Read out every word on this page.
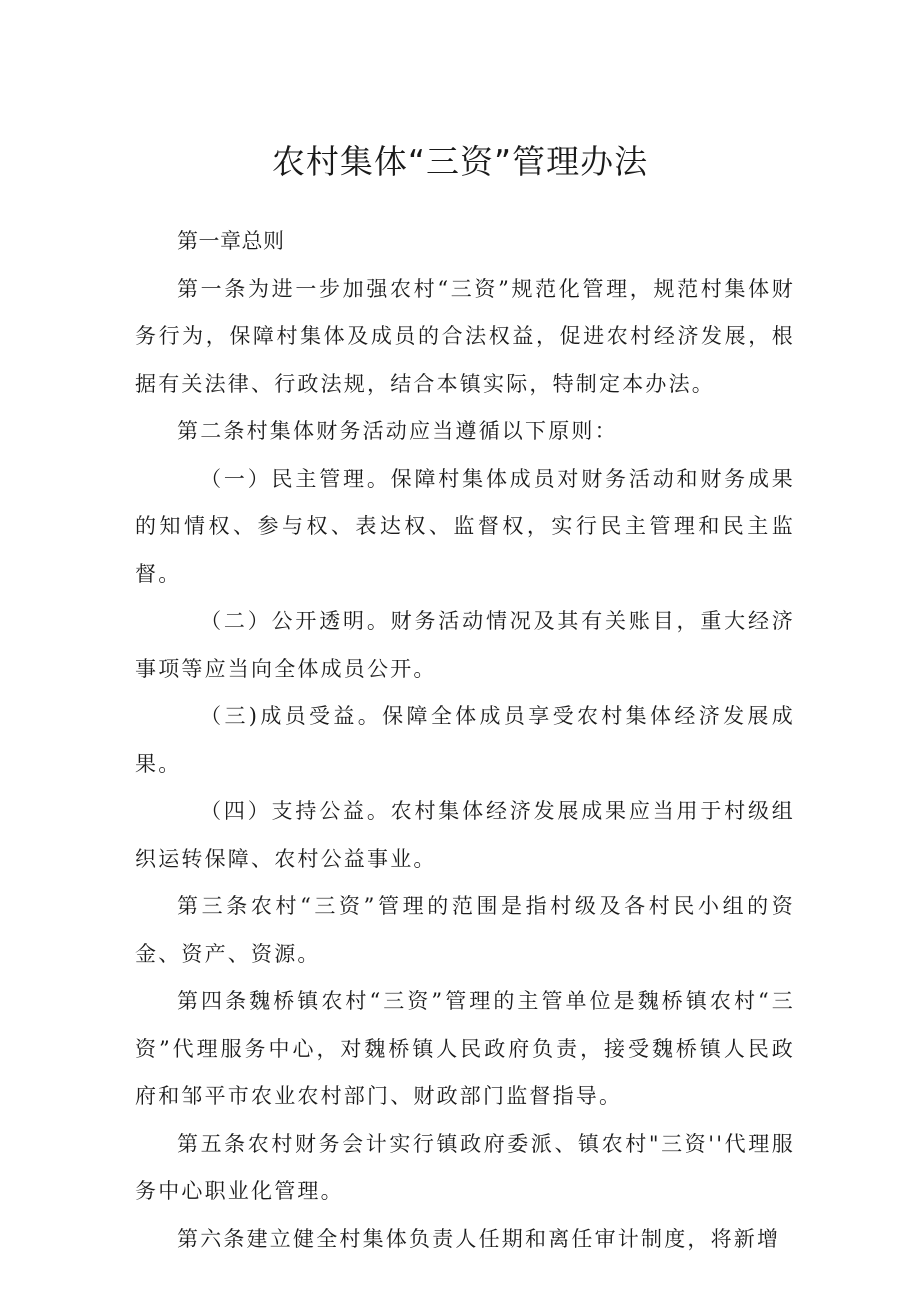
农村集体“三资”管理办法

第一章总则

第一条为进一步加强农村“三资”规范化管理，规范村集体财务行为，保障村集体及成员的合法权益，促进农村经济发展，根据有关法律、行政法规，结合本镇实际，特制定本办法。

第二条村集体财务活动应当遵循以下原则：

（一）民主管理。保障村集体成员对财务活动和财务成果的知情权、参与权、表达权、监督权，实行民主管理和民主监督。

（二）公开透明。财务活动情况及其有关账目，重大经济事项等应当向全体成员公开。

（三)成员受益。保障全体成员享受农村集体经济发展成果。

（四）支持公益。农村集体经济发展成果应当用于村级组织运转保障、农村公益事业。

第三条农村“三资”管理的范围是指村级及各村民小组的资金、资产、资源。

第四条魏桥镇农村“三资”管理的主管单位是魏桥镇农村“三资”代理服务中心，对魏桥镇人民政府负责，接受魏桥镇人民政府和邹平市农业农村部门、财政部门监督指导。

第五条农村财务会计实行镇政府委派、镇农村"三资''代理服务中心职业化管理。

第六条建立健全村集体负责人任期和离任审计制度，将新增
